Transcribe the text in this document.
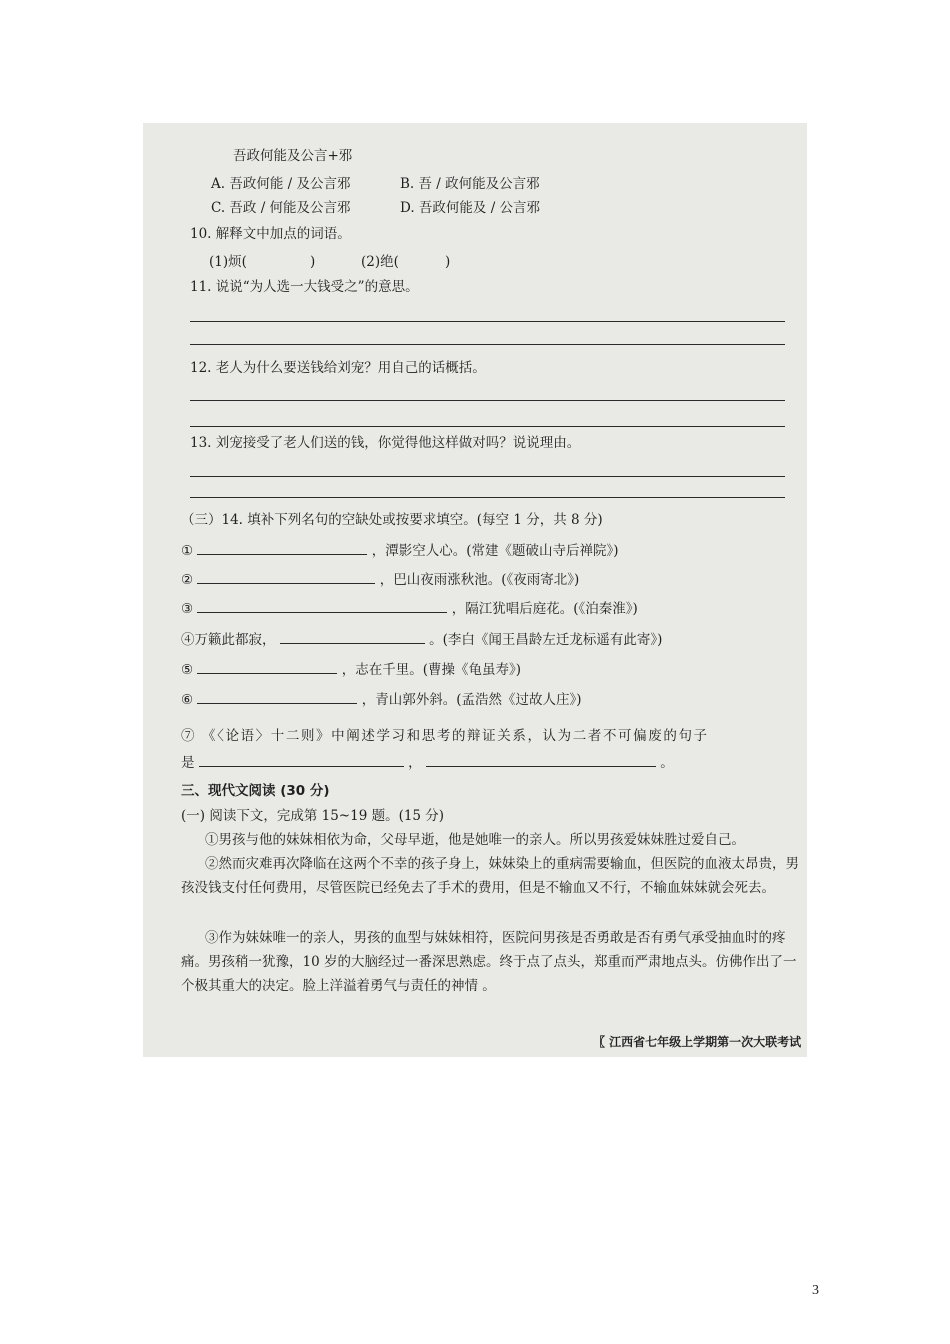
吾政何能及公言+邪
A. 吾政何能 / 及公言邪	B. 吾 / 政何能及公言邪
C. 吾政 / 何能及公言邪	D. 吾政何能及 / 公言邪
10. 解释文中加点的词语。
(1)烦(	)	(2)绝(	)
11. 说说“为人选一大钱受之”的意思。
12. 老人为什么要送钱给刘宠？用自己的话概括。
13. 刘宠接受了老人们送的钱，你觉得他这样做对吗？说说理由。
（三）14. 填补下列名句的空缺处或按要求填空。(每空 1 分，共 8 分)
①	，潭影空人心。(常建《题破山寺后禅院》)
②	，巴山夜雨涨秋池。(《夜雨寄北》)
③	，隔江犹唱后庭花。(《泊秦淮》)
④万籁此都寂，	。(李白《闻王昌龄左迁龙标遥有此寄》)
⑤	，志在千里。(曹操《龟虽寿》)
⑥	，青山郭外斜。(孟浩然《过故人庄》)
⑦ 《〈论语〉十二则》中阐述学习和思考的辩证关系，认为二者不可偏废的句子
是	，	。
三、现代文阅读 (30 分)
(一) 阅读下文，完成第 15~19 题。(15 分)
①男孩与他的妹妹相依为命，父母早逝，他是她唯一的亲人。所以男孩爱妹妹胜过爱自己。
②然而灾难再次降临在这两个不幸的孩子身上，妹妹染上的重病需要输血，但医院的血液太昂贵，男孩没钱支付任何费用，尽管医院已经免去了手术的费用，但是不输血又不行，不输血妹妹就会死去。
③作为妹妹唯一的亲人，男孩的血型与妹妹相符，医院问男孩是否勇敢是否有勇气承受抽血时的疼痛。男孩稍一犹豫，10 岁的大脑经过一番深思熟虑。终于点了点头，郑重而严肃地点头。仿佛作出了一个极其重大的决定。脸上洋溢着勇气与责任的神情 。
〖 江西省七年级上学期第一次大联考试
3
